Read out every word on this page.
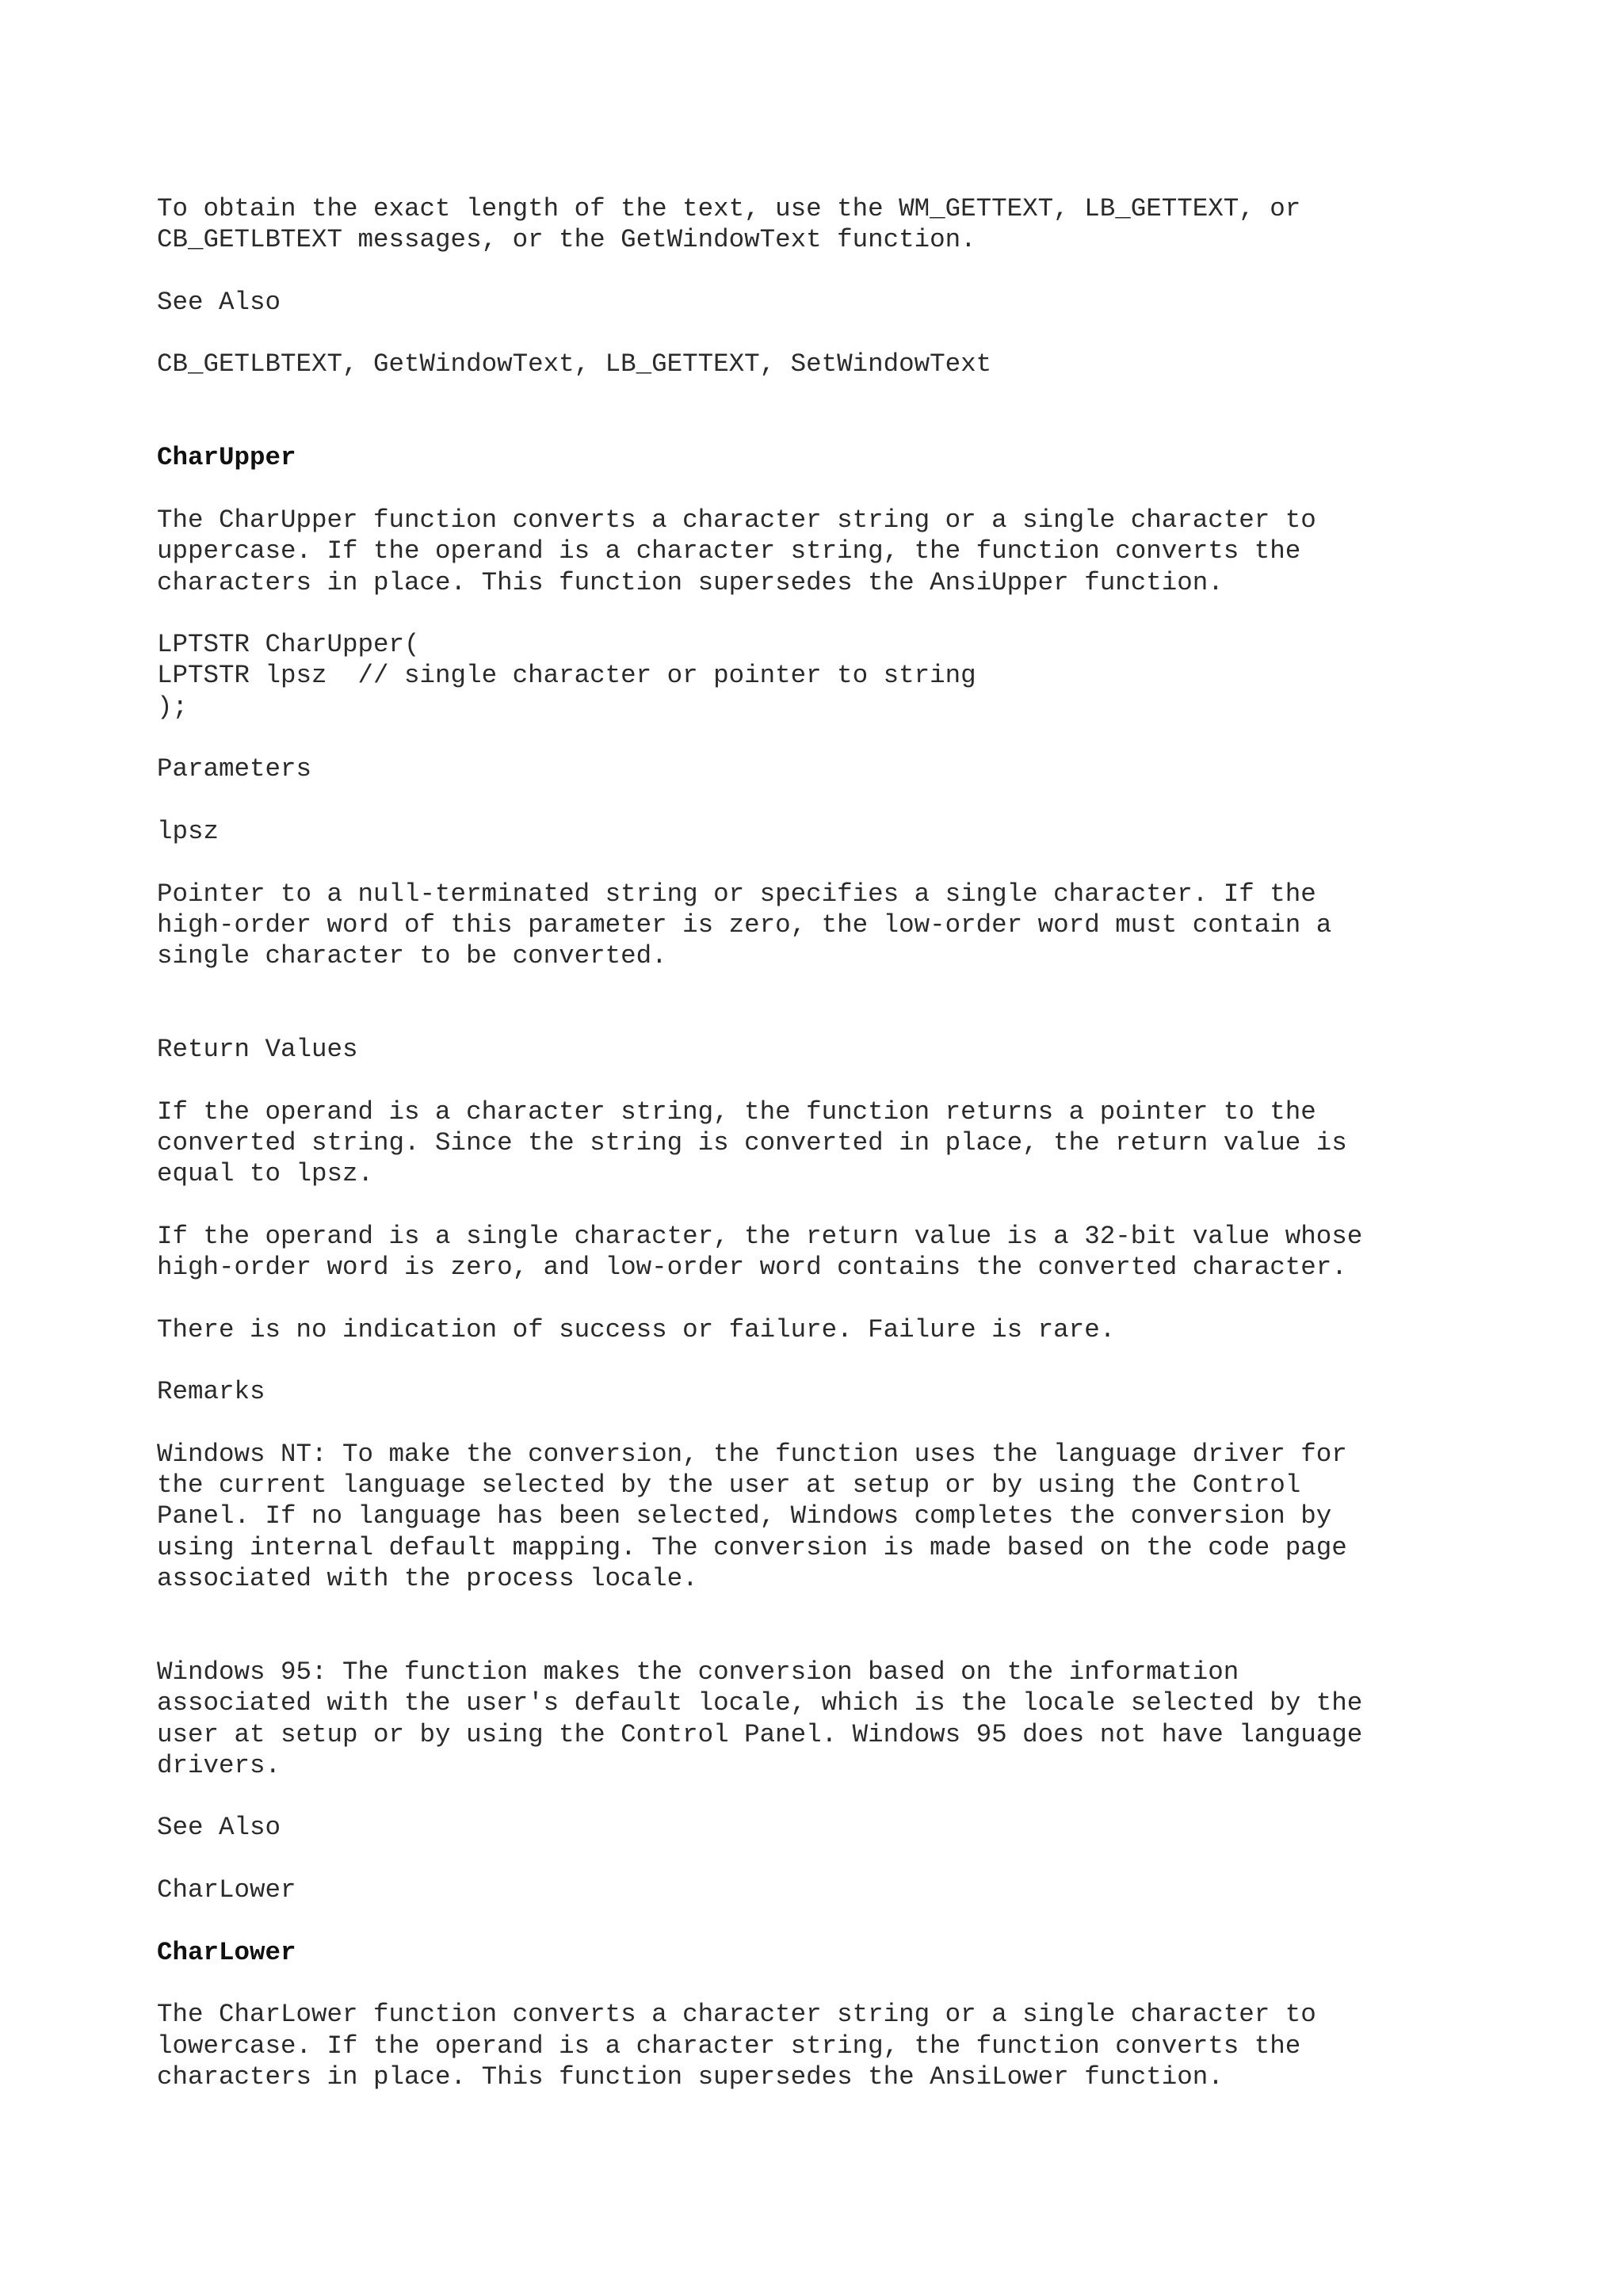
To obtain the exact length of the text, use the WM_GETTEXT, LB_GETTEXT, or
CB_GETLBTEXT messages, or the GetWindowText function.
See Also
CB_GETLBTEXT, GetWindowText, LB_GETTEXT, SetWindowText
CharUpper
The CharUpper function converts a character string or a single character to
uppercase. If the operand is a character string, the function converts the
characters in place. This function supersedes the AnsiUpper function.
LPTSTR CharUpper(
LPTSTR lpsz  // single character or pointer to string
);
Parameters
lpsz
Pointer to a null-terminated string or specifies a single character. If the
high-order word of this parameter is zero, the low-order word must contain a
single character to be converted.
Return Values
If the operand is a character string, the function returns a pointer to the
converted string. Since the string is converted in place, the return value is
equal to lpsz.
If the operand is a single character, the return value is a 32-bit value whose
high-order word is zero, and low-order word contains the converted character.
There is no indication of success or failure. Failure is rare.
Remarks
Windows NT: To make the conversion, the function uses the language driver for
the current language selected by the user at setup or by using the Control
Panel. If no language has been selected, Windows completes the conversion by
using internal default mapping. The conversion is made based on the code page
associated with the process locale.
Windows 95: The function makes the conversion based on the information
associated with the user's default locale, which is the locale selected by the
user at setup or by using the Control Panel. Windows 95 does not have language
drivers.
See Also
CharLower
CharLower
The CharLower function converts a character string or a single character to
lowercase. If the operand is a character string, the function converts the
characters in place. This function supersedes the AnsiLower function.
